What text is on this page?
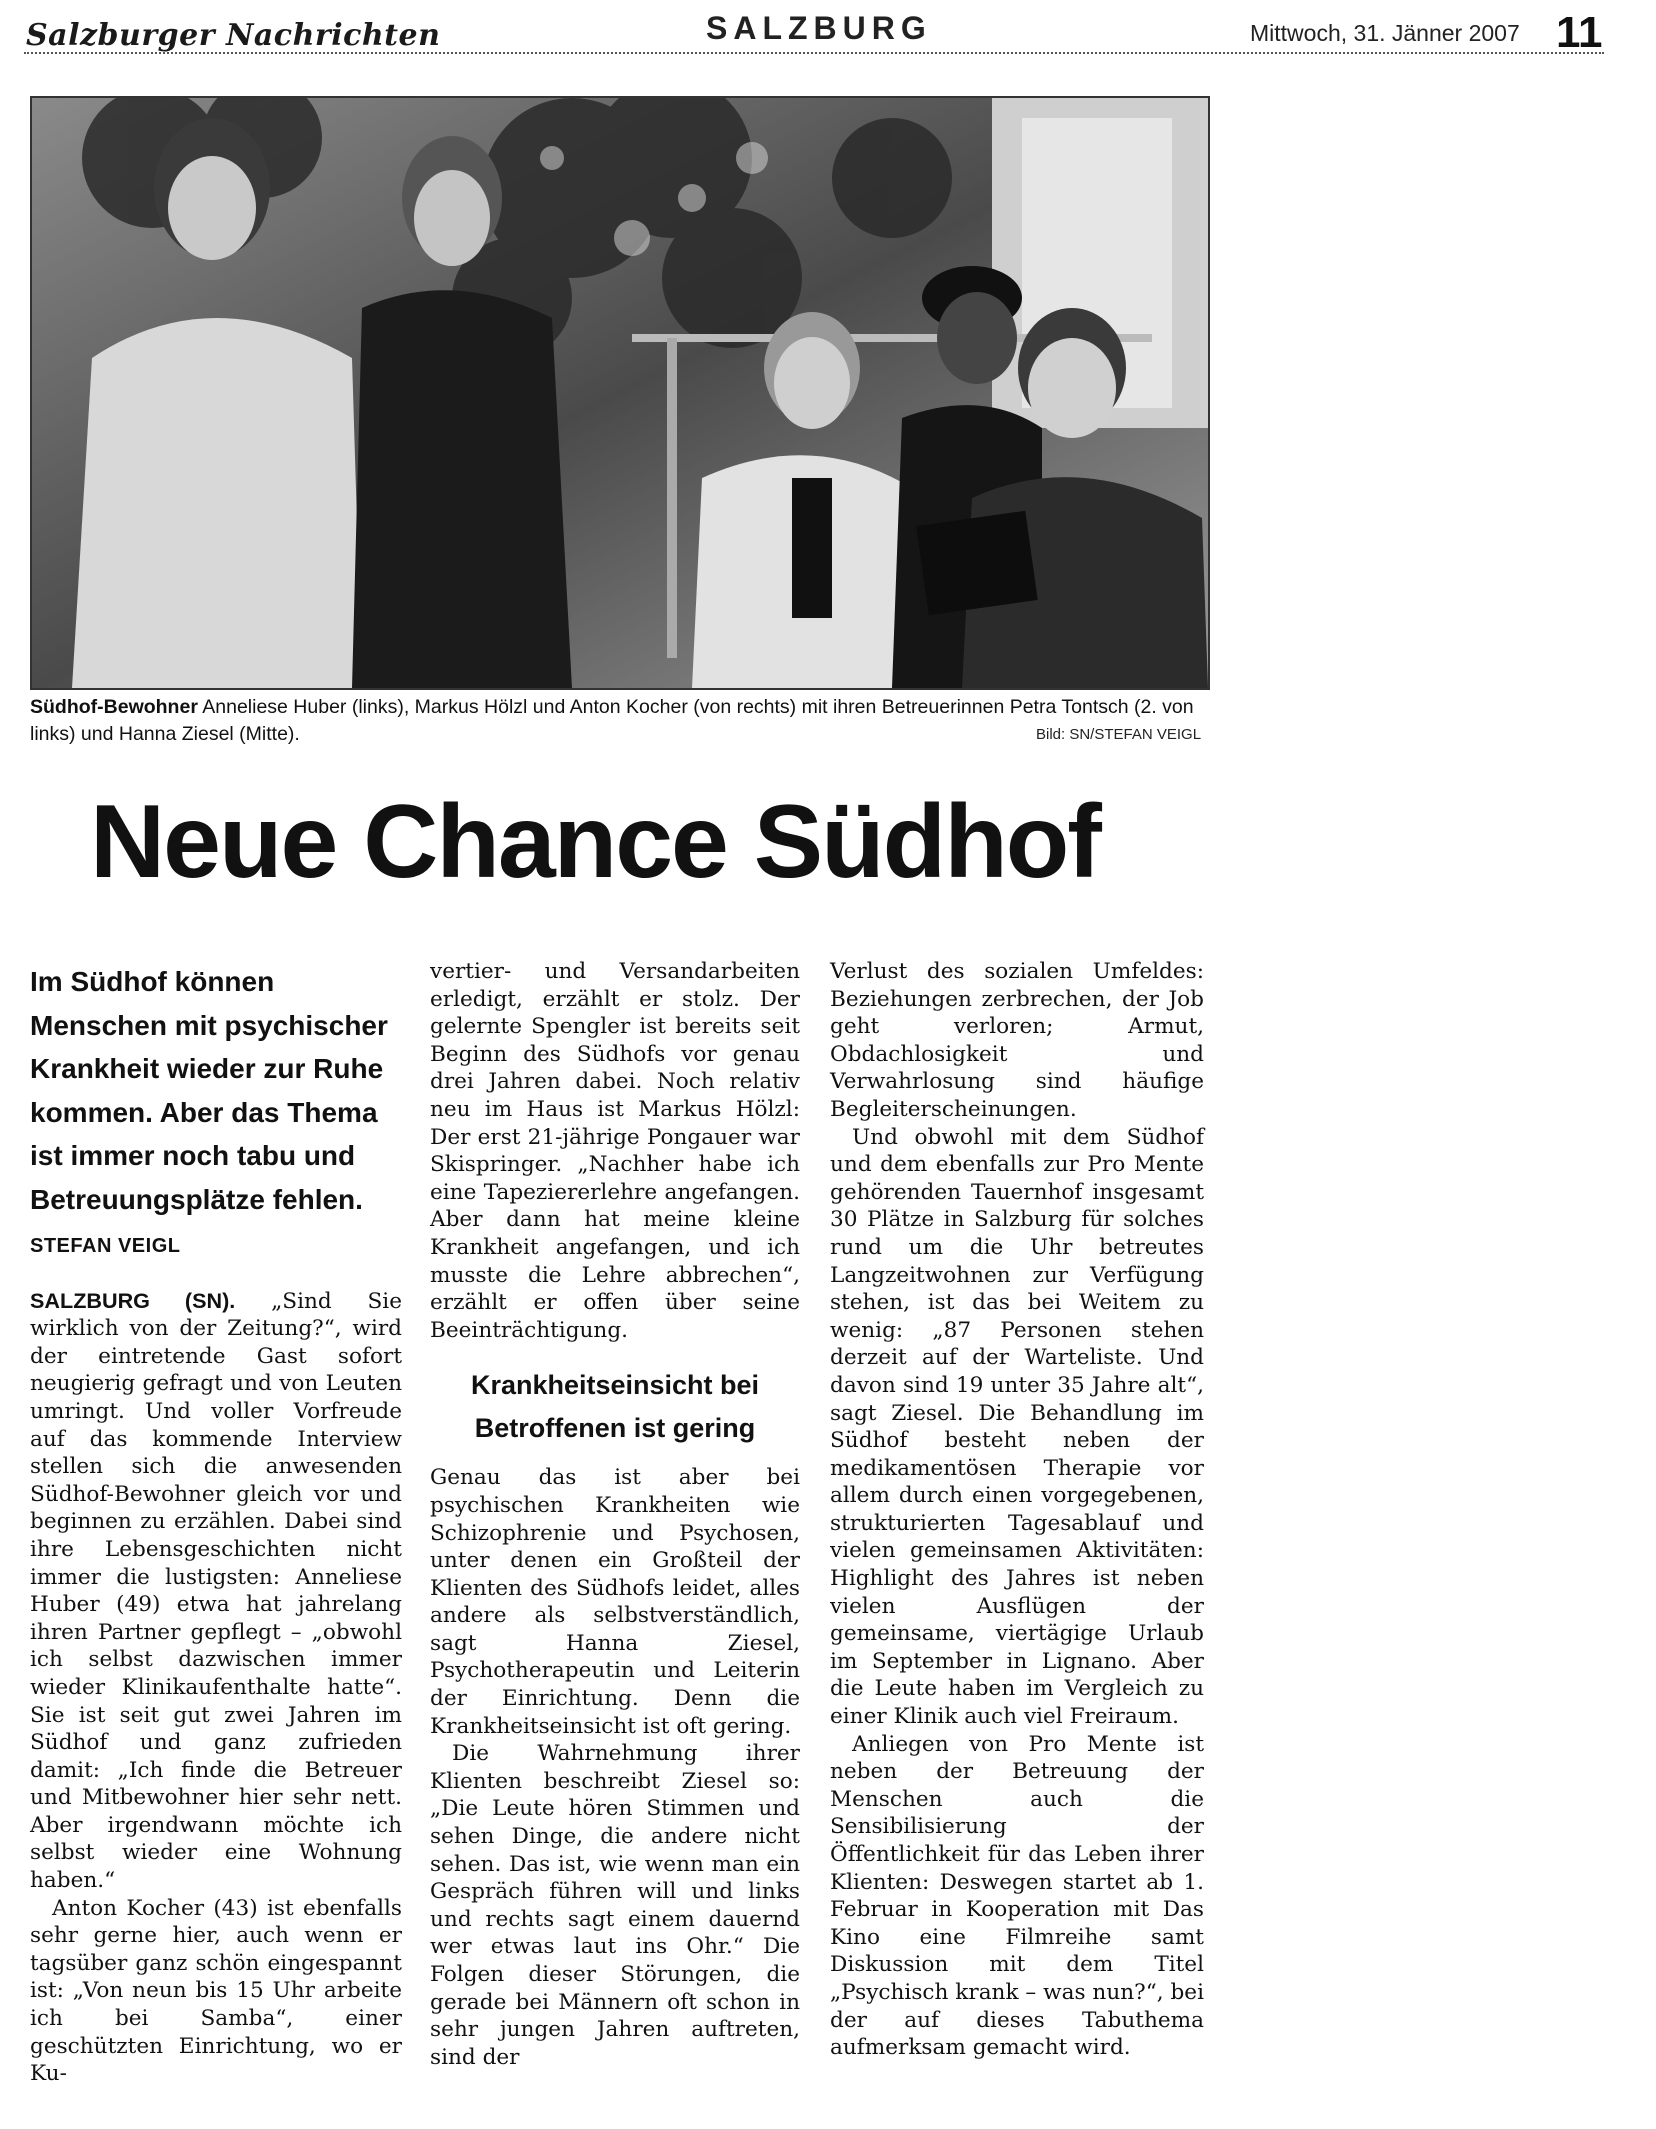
Salzburger Nachrichten	SALZBURG	Mittwoch, 31. Jänner 2007 11
Südhof-Bewohner Anneliese Huber (links), Markus Hölzl und Anton Kocher (von rechts) mit ihren Betreuerinnen Petra Tontsch (2. von links) und Hanna Ziesel (Mitte).	Bild: SN/STEFAN VEIGL
Neue Chance Südhof
Im Südhof können Menschen mit psychischer Krankheit wieder zur Ruhe kommen. Aber das Thema ist immer noch tabu und Betreuungsplätze fehlen.
STEFAN VEIGL

SALZBURG (SN). „Sind Sie wirklich von der Zeitung?“, wird der eintretende Gast sofort neugierig gefragt und von Leuten umringt. Und voller Vorfreude auf das kommende Interview stellen sich die anwesenden Südhof-Bewohner gleich vor und beginnen zu erzählen. Dabei sind ihre Lebensgeschichten nicht immer die lustigsten: Anneliese Huber (49) etwa hat jahrelang ihren Partner gepflegt – „obwohl ich selbst dazwischen immer wieder Klinikaufenthalte hatte“. Sie ist seit gut zwei Jahren im Südhof und ganz zufrieden damit: „Ich finde die Betreuer und Mitbewohner hier sehr nett. Aber irgendwann möchte ich selbst wieder eine Wohnung haben.“

Anton Kocher (43) ist ebenfalls sehr gerne hier, auch wenn er tagsüber ganz schön eingespannt ist: „Von neun bis 15 Uhr arbeite ich bei Samba“, einer geschützten Einrichtung, wo er Ku-

vertier- und Versandarbeiten erledigt, erzählt er stolz. Der gelernte Spengler ist bereits seit Beginn des Südhofs vor genau drei Jahren dabei. Noch relativ neu im Haus ist Markus Hölzl: Der erst 21-jährige Pongauer war Skispringer. „Nachher habe ich eine Tapeziererlehre angefangen. Aber dann hat meine kleine Krankheit angefangen, und ich musste die Lehre abbrechen“, erzählt er offen über seine Beeinträchtigung.

Krankheitseinsicht bei Betroffenen ist gering

Genau das ist aber bei psychischen Krankheiten wie Schizophrenie und Psychosen, unter denen ein Großteil der Klienten des Südhofs leidet, alles andere als selbstverständlich, sagt Hanna Ziesel, Psychotherapeutin und Leiterin der Einrichtung. Denn die Krankheitseinsicht ist oft gering.

Die Wahrnehmung ihrer Klienten beschreibt Ziesel so: „Die Leute hören Stimmen und sehen Dinge, die andere nicht sehen. Das ist, wie wenn man ein Gespräch führen will und links und rechts sagt einem dauernd wer etwas laut ins Ohr.“ Die Folgen dieser Störungen, die gerade bei Männern oft schon in sehr jungen Jahren auftreten, sind der

Verlust des sozialen Umfeldes: Beziehungen zerbrechen, der Job geht verloren; Armut, Obdachlosigkeit und Verwahrlosung sind häufige Begleiterscheinungen.

Und obwohl mit dem Südhof und dem ebenfalls zur Pro Mente gehörenden Tauernhof insgesamt 30 Plätze in Salzburg für solches rund um die Uhr betreutes Langzeitwohnen zur Verfügung stehen, ist das bei Weitem zu wenig: „87 Personen stehen derzeit auf der Warteliste. Und davon sind 19 unter 35 Jahre alt“, sagt Ziesel. Die Behandlung im Südhof besteht neben der medikamentösen Therapie vor allem durch einen vorgegebenen, strukturierten Tagesablauf und vielen gemeinsamen Aktivitäten: Highlight des Jahres ist neben vielen Ausflügen der gemeinsame, viertägige Urlaub im September in Lignano. Aber die Leute haben im Vergleich zu einer Klinik auch viel Freiraum.

Anliegen von Pro Mente ist neben der Betreuung der Menschen auch die Sensibilisierung der Öffentlichkeit für das Leben ihrer Klienten: Deswegen startet ab 1. Februar in Kooperation mit Das Kino eine Filmreihe samt Diskussion mit dem Titel „Psychisch krank – was nun?“, bei der auf dieses Tabuthema aufmerksam gemacht wird.
